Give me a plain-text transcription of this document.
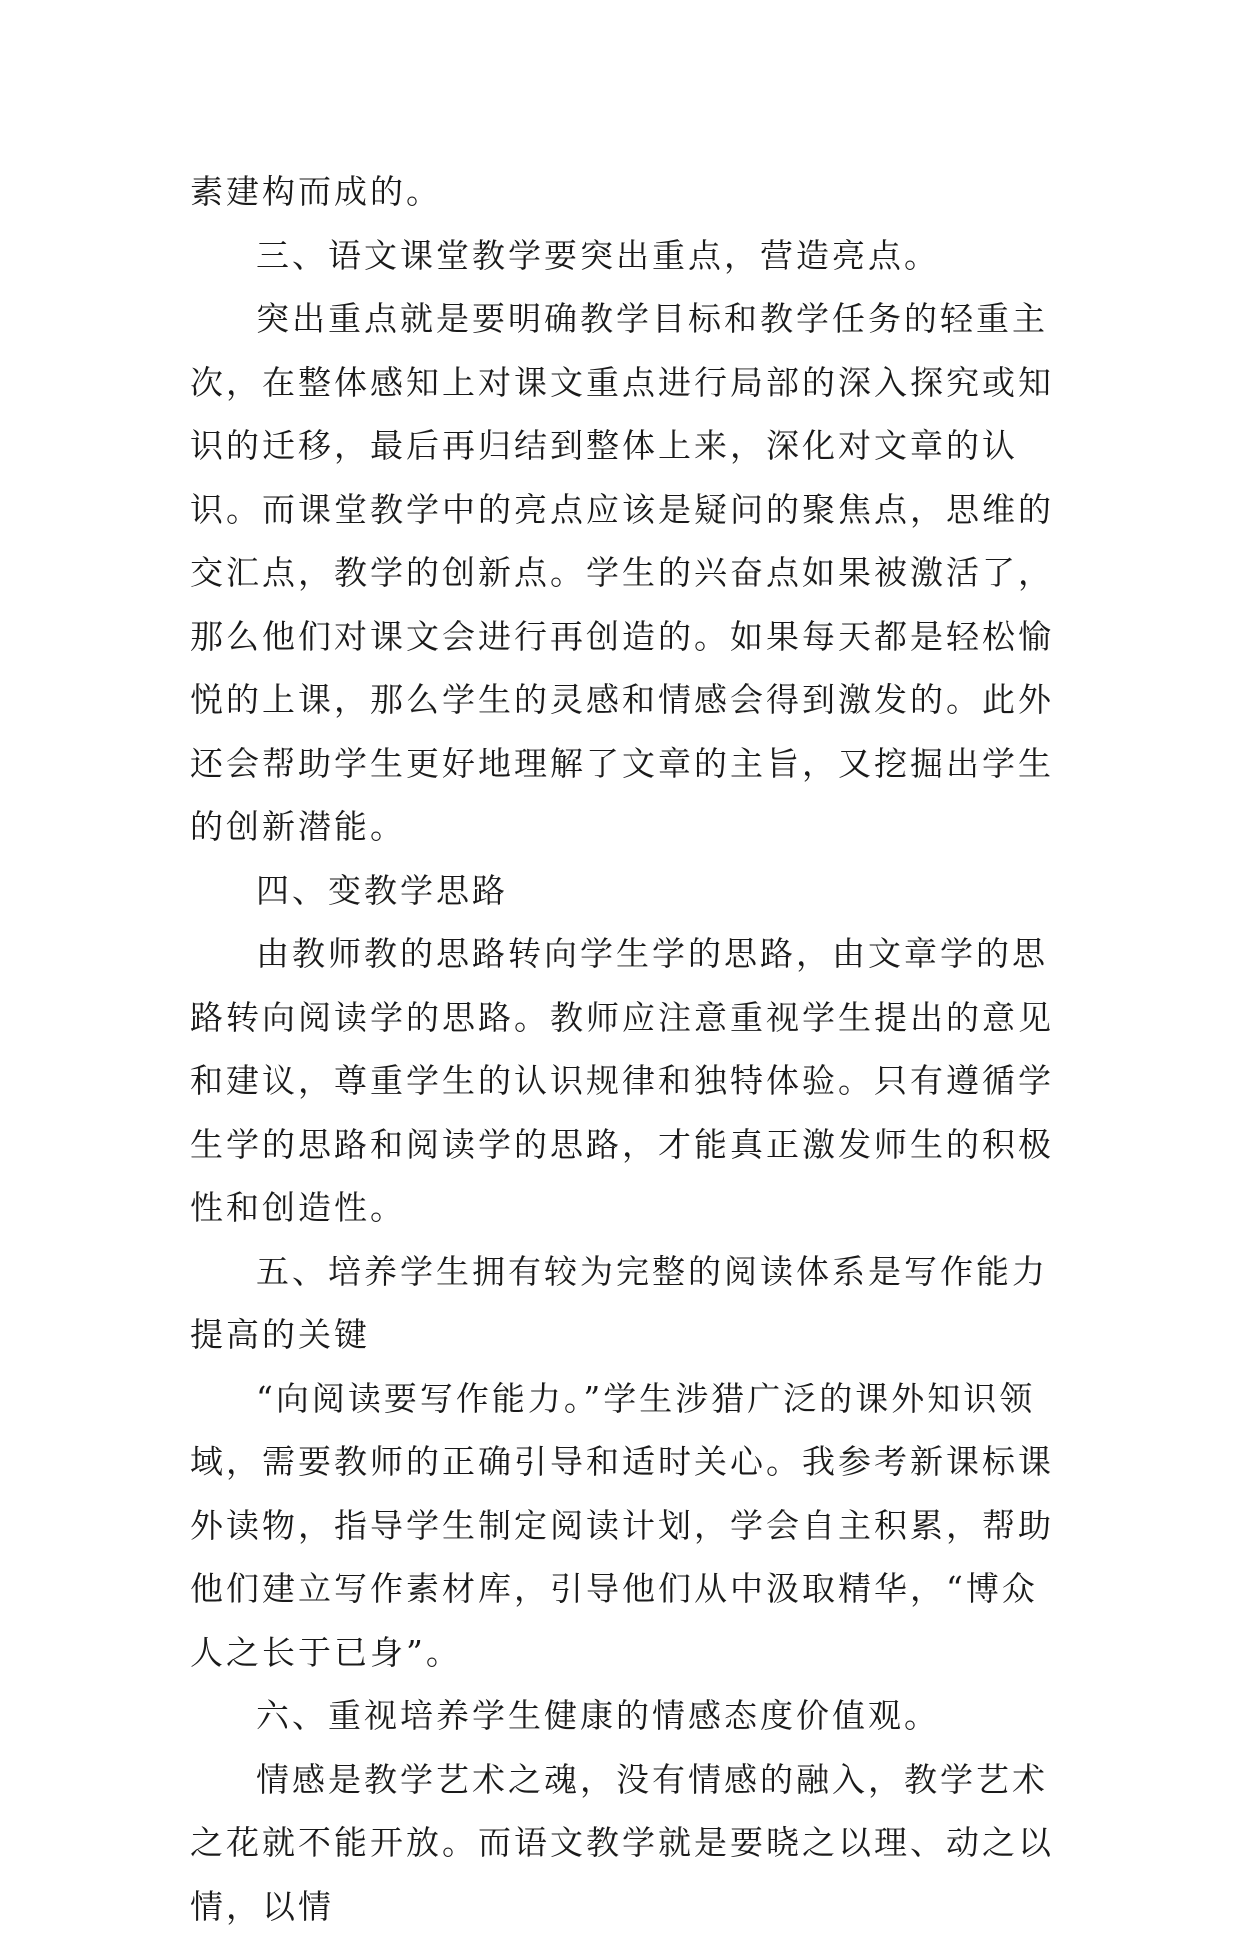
素建构而成的。

三、语文课堂教学要突出重点，营造亮点。

突出重点就是要明确教学目标和教学任务的轻重主次，在整体感知上对课文重点进行局部的深入探究或知识的迁移，最后再归结到整体上来，深化对文章的认识。而课堂教学中的亮点应该是疑问的聚焦点，思维的交汇点，教学的创新点。学生的兴奋点如果被激活了，那么他们对课文会进行再创造的。如果每天都是轻松愉悦的上课，那么学生的灵感和情感会得到激发的。此外还会帮助学生更好地理解了文章的主旨，又挖掘出学生的创新潜能。

四、变教学思路

由教师教的思路转向学生学的思路，由文章学的思路转向阅读学的思路。教师应注意重视学生提出的意见和建议，尊重学生的认识规律和独特体验。只有遵循学生学的思路和阅读学的思路，才能真正激发师生的积极性和创造性。

五、培养学生拥有较为完整的阅读体系是写作能力提高的关键

“向阅读要写作能力。”学生涉猎广泛的课外知识领域，需要教师的正确引导和适时关心。我参考新课标课外读物，指导学生制定阅读计划，学会自主积累，帮助他们建立写作素材库，引导他们从中汲取精华，“博众人之长于已身”。

六、重视培养学生健康的情感态度价值观。

情感是教学艺术之魂，没有情感的融入，教学艺术之花就不能开放。而语文教学就是要晓之以理、动之以情，以情
